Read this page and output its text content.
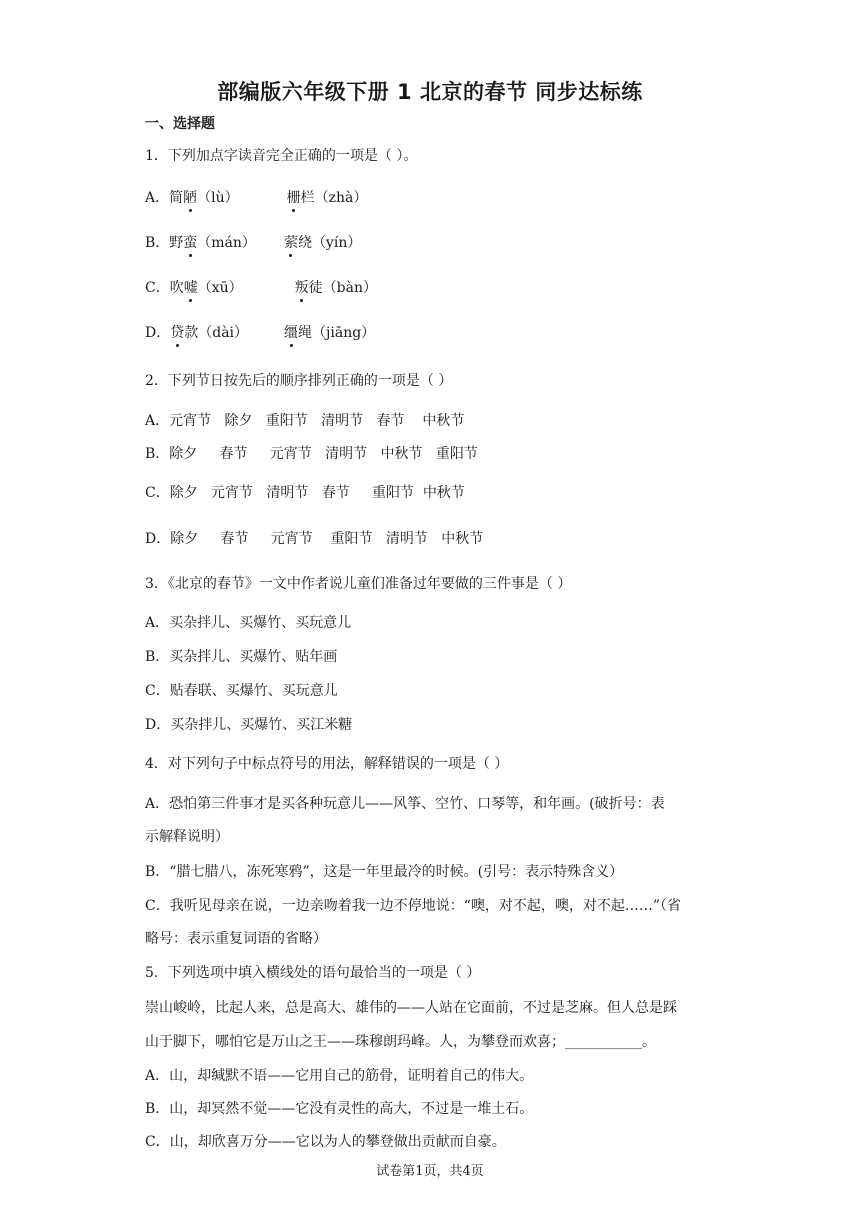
部编版六年级下册 1 北京的春节 同步达标练
一、选择题
1．下列加点字读音完全正确的一项是（ ）。
A．简陋（lù）	栅栏（zhà）
B．野蛮（mán） 萦绕（yín）
C．吹嘘（xū）	叛徒（bàn）
D．贷款（dài）	缰绳（jiāng）
2．下列节日按先后的顺序排列正确的一项是（ ）
A．元宵节   除夕   重阳节   清明节   春节    中秋节
B．除夕     春节     元宵节   清明节   中秋节   重阳节
C．除夕   元宵节   清明节   春节     重阳节  中秋节
D．除夕     春节     元宵节    重阳节   清明节   中秋节
3．《北京的春节》一文中作者说儿童们准备过年要做的三件事是（ ）
A．买杂拌儿、买爆竹、买玩意儿
B．买杂拌儿、买爆竹、贴年画
C．贴春联、买爆竹、买玩意儿
D．买杂拌儿、买爆竹、买江米糖
4．对下列句子中标点符号的用法，解释错误的一项是（ ）
A．恐怕第三件事才是买各种玩意儿——风筝、空竹、口琴等，和年画。(破折号：表
示解释说明）
B．“腊七腊八，冻死寒鸦”，这是一年里最冷的时候。(引号：表示特殊含义）
C．我听见母亲在说，一边亲吻着我一边不停地说：“噢，对不起，噢，对不起……”（省
略号：表示重复词语的省略）
5．下列选项中填入横线处的语句最恰当的一项是（ ）
崇山峻岭，比起人来，总是高大、雄伟的——人站在它面前，不过是芝麻。但人总是踩
山于脚下，哪怕它是万山之王——珠穆朗玛峰。人，为攀登而欢喜；___________。
A．山，却缄默不语——它用自己的筋骨，证明着自己的伟大。
B．山，却冥然不觉——它没有灵性的高大，不过是一堆土石。
C．山，却欣喜万分——它以为人的攀登做出贡献而自豪。
试卷第1页，共4页
